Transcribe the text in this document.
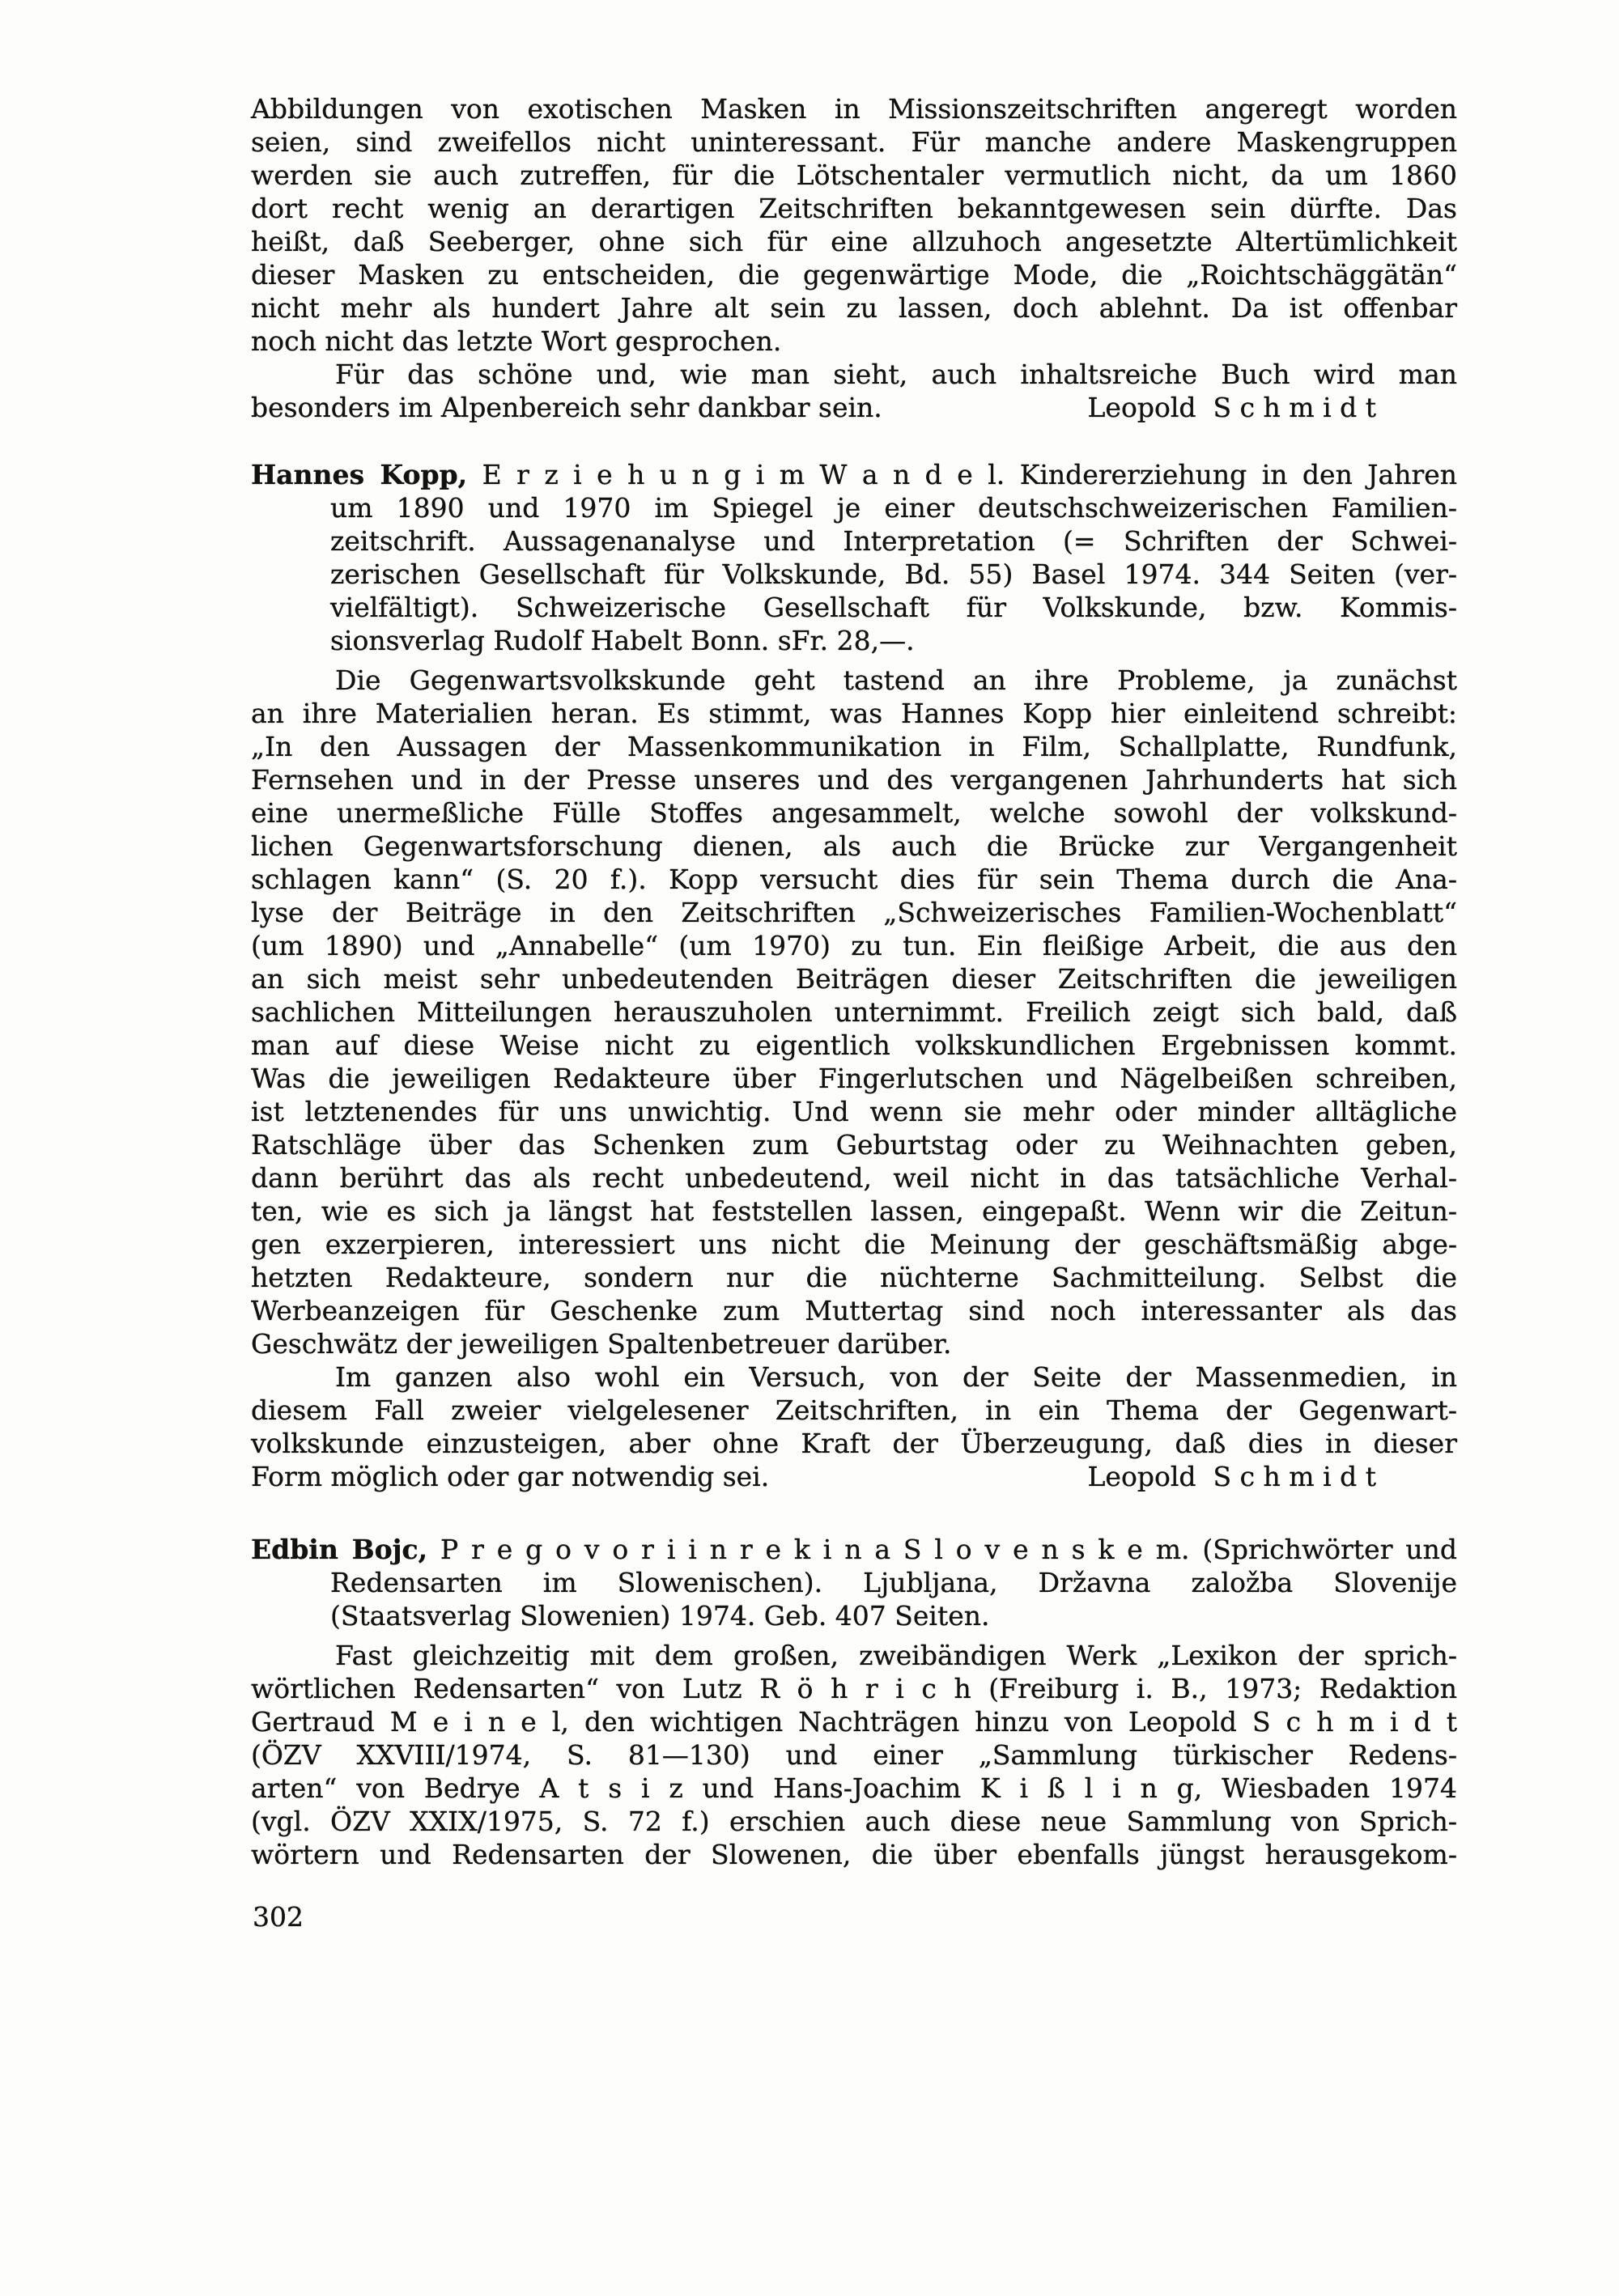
Abbildungen von exotischen Masken in Missionszeitschriften angeregt worden
seien, sind zweifellos nicht uninteressant. Für manche andere Maskengruppen
werden sie auch zutreffen, für die Lötschentaler vermutlich nicht, da um 1860
dort recht wenig an derartigen Zeitschriften bekanntgewesen sein dürfte. Das
heißt, daß Seeberger, ohne sich für eine allzuhoch angesetzte Altertümlichkeit
dieser Masken zu entscheiden, die gegenwärtige Mode, die „Roichtschäggätän“
nicht mehr als hundert Jahre alt sein zu lassen, doch ablehnt. Da ist offenbar
noch nicht das letzte Wort gesprochen.
Für das schöne und, wie man sieht, auch inhaltsreiche Buch wird man
besonders im Alpenbereich sehr dankbar sein.	Leopold  S c h m i d t
Hannes Kopp, E r z i e h u n g i m W a n d e l. Kindererziehung in den Jahren
um 1890 und 1970 im Spiegel je einer deutschschweizerischen Familien-
zeitschrift. Aussagenanalyse und Interpretation (= Schriften der Schwei-
zerischen Gesellschaft für Volkskunde, Bd. 55) Basel 1974. 344 Seiten (ver-
vielfältigt). Schweizerische Gesellschaft für Volkskunde, bzw. Kommis-
sionsverlag Rudolf Habelt Bonn. sFr. 28,—.
Die Gegenwartsvolkskunde geht tastend an ihre Probleme, ja zunächst
an ihre Materialien heran. Es stimmt, was Hannes Kopp hier einleitend schreibt:
„In den Aussagen der Massenkommunikation in Film, Schallplatte, Rundfunk,
Fernsehen und in der Presse unseres und des vergangenen Jahrhunderts hat sich
eine unermeßliche Fülle Stoffes angesammelt, welche sowohl der volkskund-
lichen Gegenwartsforschung dienen, als auch die Brücke zur Vergangenheit
schlagen kann“ (S. 20 f.). Kopp versucht dies für sein Thema durch die Ana-
lyse der Beiträge in den Zeitschriften „Schweizerisches Familien-Wochenblatt“
(um 1890) und „Annabelle“ (um 1970) zu tun. Ein fleißige Arbeit, die aus den
an sich meist sehr unbedeutenden Beiträgen dieser Zeitschriften die jeweiligen
sachlichen Mitteilungen herauszuholen unternimmt. Freilich zeigt sich bald, daß
man auf diese Weise nicht zu eigentlich volkskundlichen Ergebnissen kommt.
Was die jeweiligen Redakteure über Fingerlutschen und Nägelbeißen schreiben,
ist letztenendes für uns unwichtig. Und wenn sie mehr oder minder alltägliche
Ratschläge über das Schenken zum Geburtstag oder zu Weihnachten geben,
dann berührt das als recht unbedeutend, weil nicht in das tatsächliche Verhal-
ten, wie es sich ja längst hat feststellen lassen, eingepaßt. Wenn wir die Zeitun-
gen exzerpieren, interessiert uns nicht die Meinung der geschäftsmäßig abge-
hetzten Redakteure, sondern nur die nüchterne Sachmitteilung. Selbst die
Werbeanzeigen für Geschenke zum Muttertag sind noch interessanter als das
Geschwätz der jeweiligen Spaltenbetreuer darüber.
Im ganzen also wohl ein Versuch, von der Seite der Massenmedien, in
diesem Fall zweier vielgelesener Zeitschriften, in ein Thema der Gegenwart-
volkskunde einzusteigen, aber ohne Kraft der Überzeugung, daß dies in dieser
Form möglich oder gar notwendig sei.	Leopold  S c h m i d t
Edbin Bojc, P r e g o v o r i i n r e k i n a S l o v e n s k e m. (Sprichwörter und
Redensarten im Slowenischen). Ljubljana, Državna založba Slovenije
(Staatsverlag Slowenien) 1974. Geb. 407 Seiten.
Fast gleichzeitig mit dem großen, zweibändigen Werk „Lexikon der sprich-
wörtlichen Redensarten“ von Lutz R ö h r i c h (Freiburg i. B., 1973; Redaktion
Gertraud M e i n e l, den wichtigen Nachträgen hinzu von Leopold S c h m i d t
(ÖZV XXVIII/1974, S. 81—130) und einer „Sammlung türkischer Redens-
arten“ von Bedrye A t s i z und Hans-Joachim K i ß l i n g, Wiesbaden 1974
(vgl. ÖZV XXIX/1975, S. 72 f.) erschien auch diese neue Sammlung von Sprich-
wörtern und Redensarten der Slowenen, die über ebenfalls jüngst herausgekom-
302
